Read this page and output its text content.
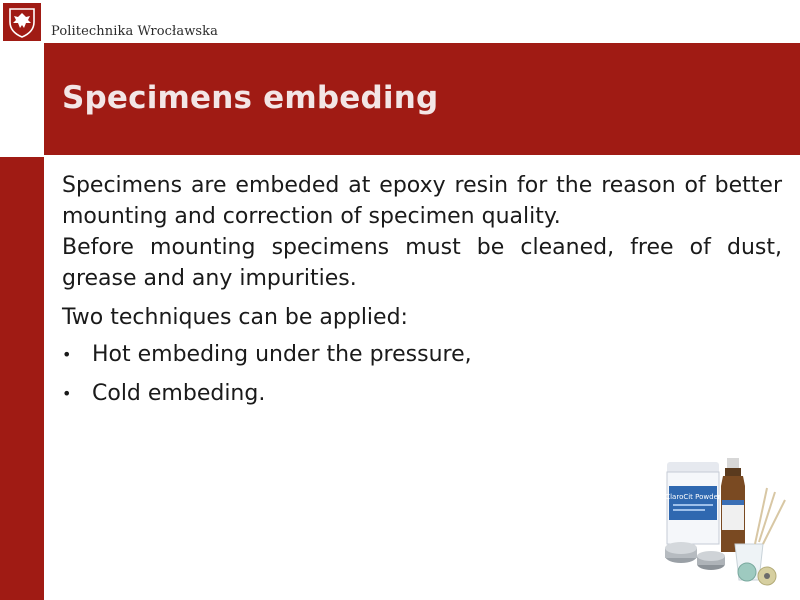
Politechnika Wrocławska
Specimens embeding

Specimens are embeded at epoxy resin for the reason of better mounting and correction of specimen quality.

Before mounting specimens must be cleaned, free of dust, grease and any impurities.

Two techniques can be applied:

• Hot embeding under the pressure,
• Cold embeding.
ClaroCit Powder
